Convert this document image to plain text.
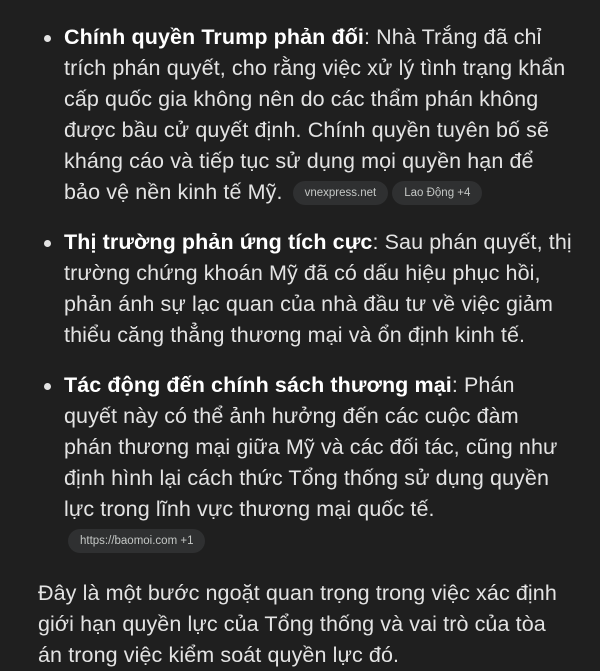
Chính quyền Trump phản đối: Nhà Trắng đã chỉ trích phán quyết, cho rằng việc xử lý tình trạng khẩn cấp quốc gia không nên do các thẩm phán không được bầu cử quyết định. Chính quyền tuyên bố sẽ kháng cáo và tiếp tục sử dụng mọi quyền hạn để bảo vệ nền kinh tế Mỹ. vnexpress.net Lao Động +4
Thị trường phản ứng tích cực: Sau phán quyết, thị trường chứng khoán Mỹ đã có dấu hiệu phục hồi, phản ánh sự lạc quan của nhà đầu tư về việc giảm thiểu căng thẳng thương mại và ổn định kinh tế.
Tác động đến chính sách thương mại: Phán quyết này có thể ảnh hưởng đến các cuộc đàm phán thương mại giữa Mỹ và các đối tác, cũng như định hình lại cách thức Tổng thống sử dụng quyền lực trong lĩnh vực thương mại quốc tế. https://baomoi.com +1

Đây là một bước ngoặt quan trọng trong việc xác định giới hạn quyền lực của Tổng thống và vai trò của tòa án trong việc kiểm soát quyền lực đó.
